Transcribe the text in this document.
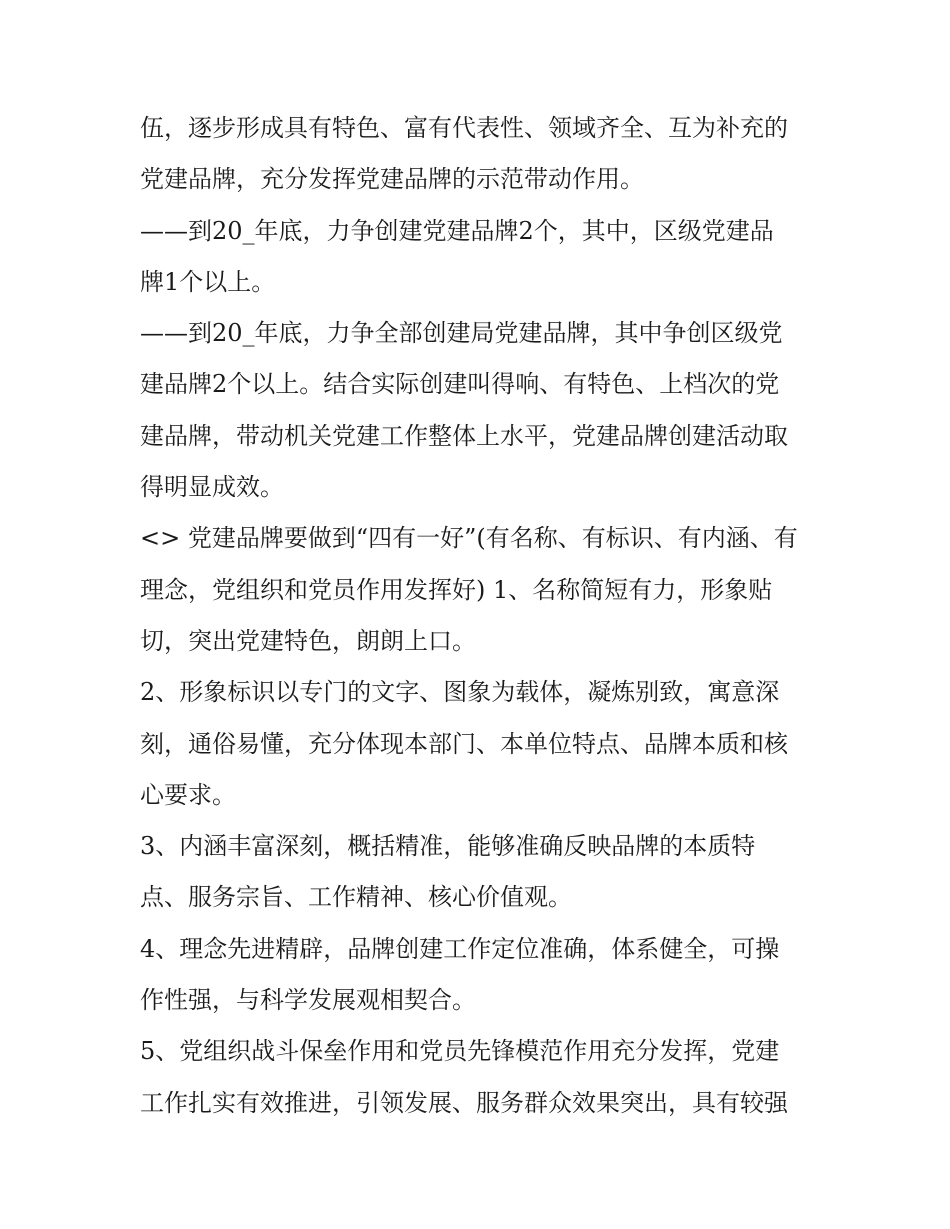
伍，逐步形成具有特色、富有代表性、领域齐全、互为补充的
党建品牌，充分发挥党建品牌的示范带动作用。
——到20_年底，力争创建党建品牌2个，其中，区级党建品
牌1个以上。
——到20_年底，力争全部创建局党建品牌，其中争创区级党
建品牌2个以上。结合实际创建叫得响、有特色、上档次的党
建品牌，带动机关党建工作整体上水平，党建品牌创建活动取
得明显成效。
<> 党建品牌要做到“四有一好”(有名称、有标识、有内涵、有
理念，党组织和党员作用发挥好) 1、名称简短有力，形象贴
切，突出党建特色，朗朗上口。
2、形象标识以专门的文字、图象为载体，凝炼别致，寓意深
刻，通俗易懂，充分体现本部门、本单位特点、品牌本质和核
心要求。
3、内涵丰富深刻，概括精准，能够准确反映品牌的本质特
点、服务宗旨、工作精神、核心价值观。
4、理念先进精辟，品牌创建工作定位准确，体系健全，可操
作性强，与科学发展观相契合。
5、党组织战斗保垒作用和党员先锋模范作用充分发挥，党建
工作扎实有效推进，引领发展、服务群众效果突出，具有较强
